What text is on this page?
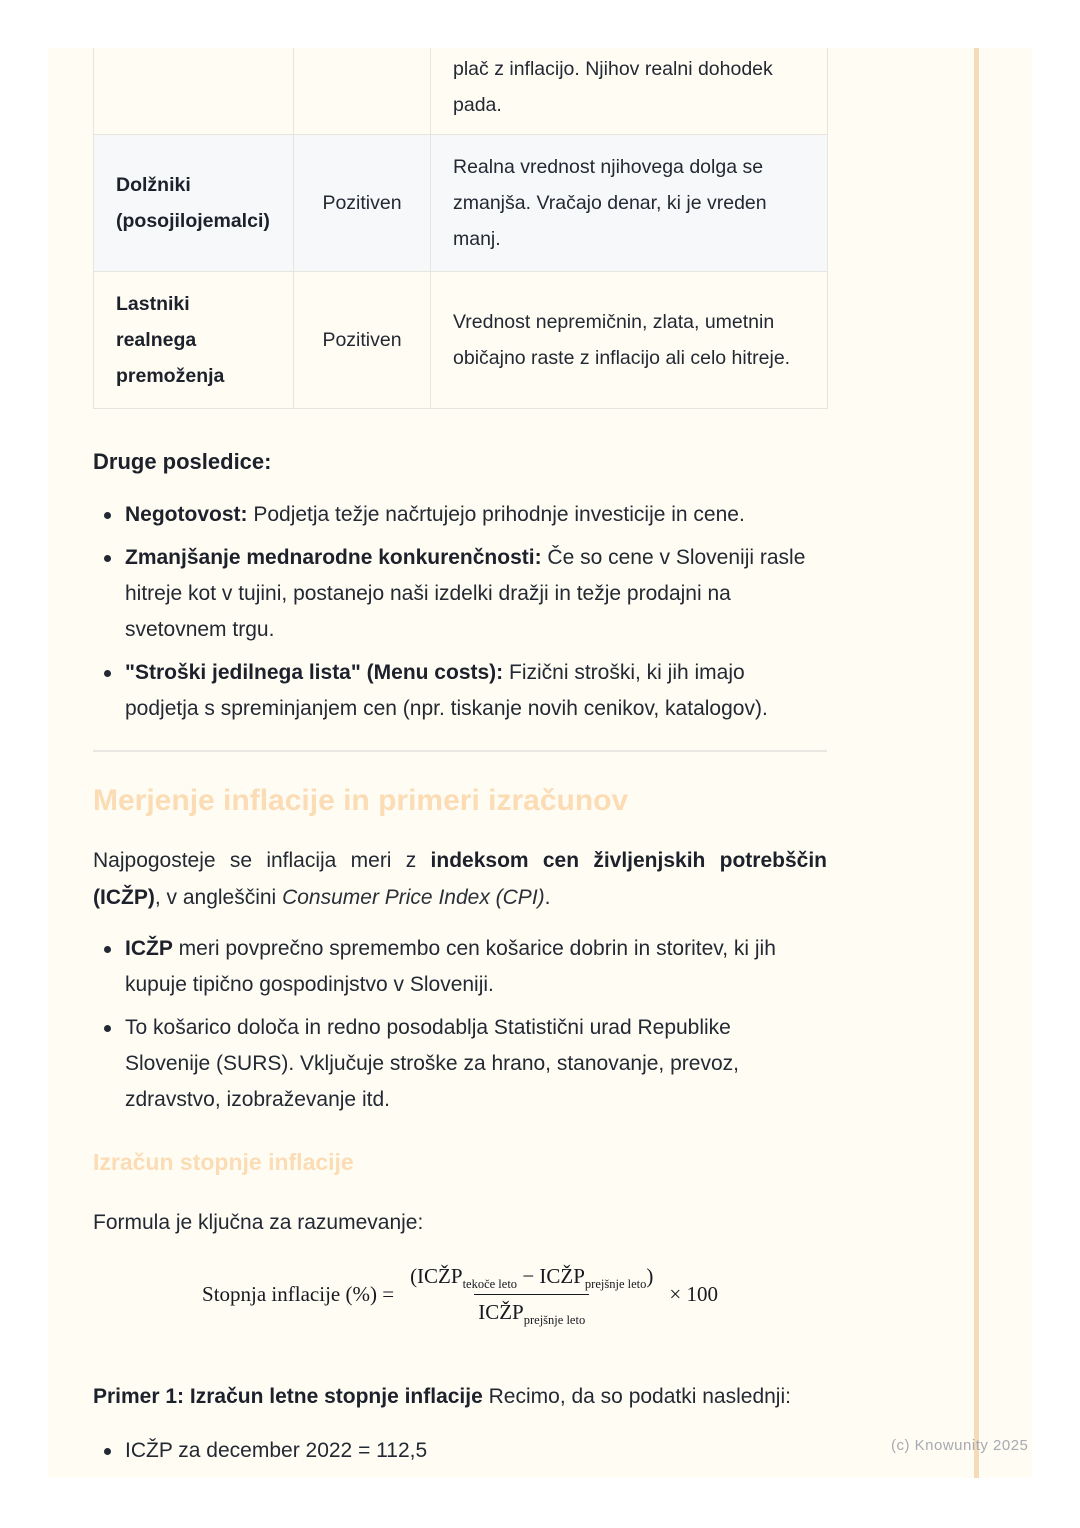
		plač z inflacijo. Njihov realni dohodek pada.

Dolžniki
(posojilojemalci)	Pozitiven	Realna vrednost njihovega dolga se zmanjša. Vračajo denar, ki je vreden manj.

Lastniki
realnega
premoženja	Pozitiven	Vrednost nepremičnin, zlata, umetnin običajno raste z inflacijo ali celo hitreje.
Druge posledice:
Negotovost: Podjetja težje načrtujejo prihodnje investicije in cene.
Zmanjšanje mednarodne konkurenčnosti: Če so cene v Sloveniji rasle hitreje kot v tujini, postanejo naši izdelki dražji in težje prodajni na svetovnem trgu.
"Stroški jedilnega lista" (Menu costs): Fizični stroški, ki jih imajo podjetja s spreminjanjem cen (npr. tiskanje novih cenikov, katalogov).
Merjenje inflacije in primeri izračunov
Najpogosteje se inflacija meri z indeksom cen življenjskih potrebščin (ICŽP), v angleščini Consumer Price Index (CPI).
ICŽP meri povprečno spremembo cen košarice dobrin in storitev, ki jih kupuje tipično gospodinjstvo v Sloveniji.
To košarico določa in redno posodablja Statistični urad Republike Slovenije (SURS). Vključuje stroške za hrano, stanovanje, prevoz, zdravstvo, izobraževanje itd.
Izračun stopnje inflacije
Formula je ključna za razumevanje:
Stopnja inflacije (%) = $\frac{(ICŽP_{tekoče leto} - ICŽP_{prejšnje leto})}{ICŽP_{prejšnje leto}} \times 100$
Primer 1: Izračun letne stopnje inflacije Recimo, da so podatki naslednji:
ICŽP za december 2022 = 112,5	(c) Knowunity 2025
